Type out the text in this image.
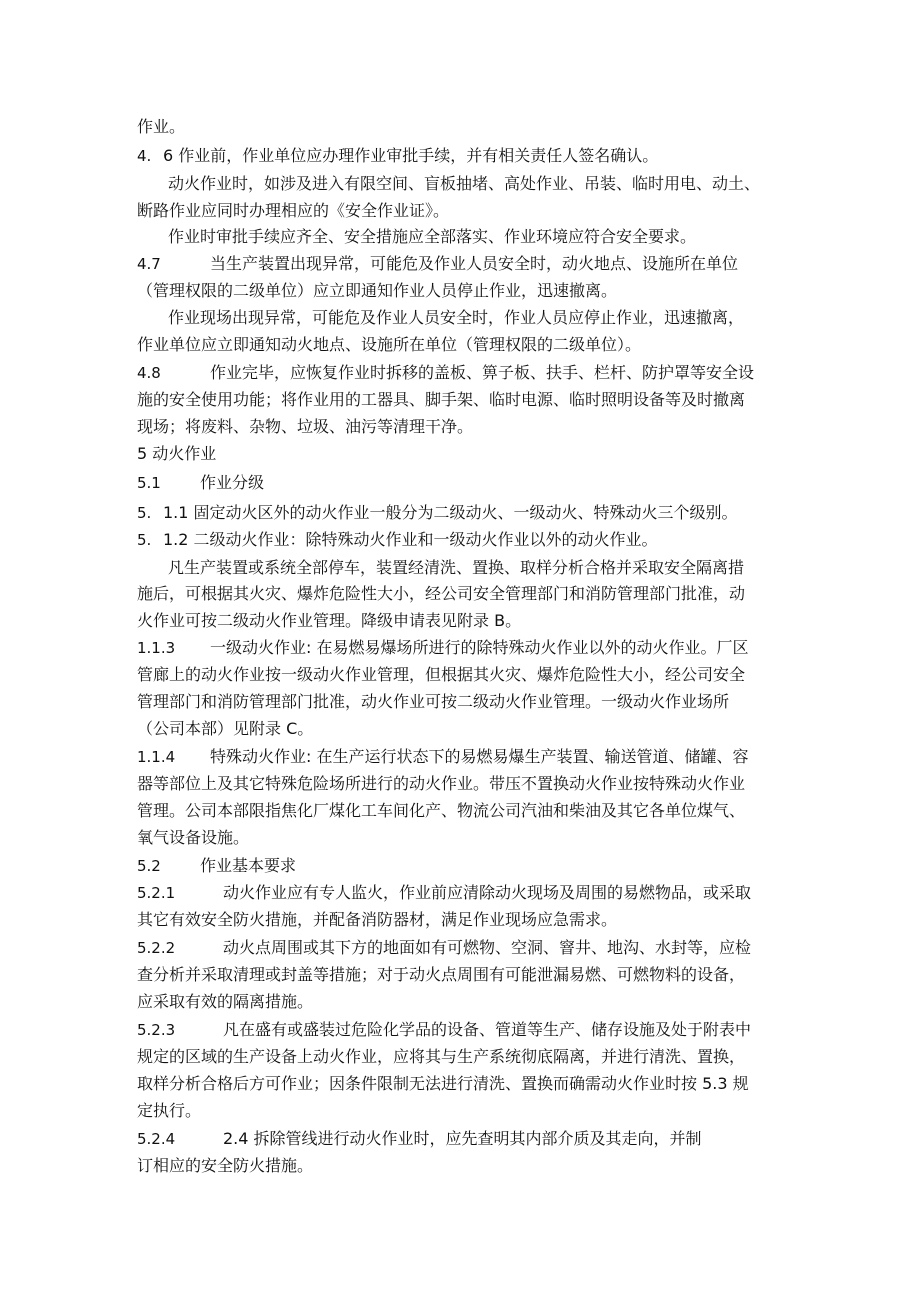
作业。
4. 6 作业前，作业单位应办理作业审批手续，并有相关责任人签名确认。
动火作业时，如涉及进入有限空间、盲板抽堵、高处作业、吊装、临时用电、动土、
断路作业应同时办理相应的《安全作业证》。
作业时审批手续应齐全、安全措施应全部落实、作业环境应符合安全要求。
4.7	当生产装置出现异常，可能危及作业人员安全时，动火地点、设施所在单位
（管理权限的二级单位）应立即通知作业人员停止作业，迅速撤离。
作业现场出现异常，可能危及作业人员安全时，作业人员应停止作业，迅速撤离，
作业单位应立即通知动火地点、设施所在单位（管理权限的二级单位）。
4.8	作业完毕，应恢复作业时拆移的盖板、箅子板、扶手、栏杆、防护罩等安全设
施的安全使用功能；将作业用的工器具、脚手架、临时电源、临时照明设备等及时撤离
现场；将废料、杂物、垃圾、油污等清理干净。
5 动火作业
5.1 作业分级
5. 1.1 固定动火区外的动火作业一般分为二级动火、一级动火、特殊动火三个级别。
5. 1.2 二级动火作业：除特殊动火作业和一级动火作业以外的动火作业。
凡生产装置或系统全部停车，装置经清洗、置换、取样分析合格并采取安全隔离措
施后，可根据其火灾、爆炸危险性大小，经公司安全管理部门和消防管理部门批准，动
火作业可按二级动火作业管理。降级申请表见附录 B。
1.1.3 一级动火作业: 在易燃易爆场所进行的除特殊动火作业以外的动火作业。厂区
管廊上的动火作业按一级动火作业管理，但根据其火灾、爆炸危险性大小，经公司安全
管理部门和消防管理部门批准，动火作业可按二级动火作业管理。一级动火作业场所
（公司本部）见附录 C。
1.1.4 特殊动火作业: 在生产运行状态下的易燃易爆生产装置、输送管道、储罐、容
器等部位上及其它特殊危险场所进行的动火作业。带压不置换动火作业按特殊动火作业
管理。公司本部限指焦化厂煤化工车间化产、物流公司汽油和柴油及其它各单位煤气、
氧气设备设施。
5.2 作业基本要求
5.2.1	动火作业应有专人监火，作业前应清除动火现场及周围的易燃物品，或采取
其它有效安全防火措施，并配备消防器材，满足作业现场应急需求。
5.2.2	动火点周围或其下方的地面如有可燃物、空洞、窨井、地沟、水封等，应检
查分析并采取清理或封盖等措施；对于动火点周围有可能泄漏易燃、可燃物料的设备，
应采取有效的隔离措施。
5.2.3	凡在盛有或盛装过危险化学品的设备、管道等生产、储存设施及处于附表中
规定的区域的生产设备上动火作业，应将其与生产系统彻底隔离，并进行清洗、置换，
取样分析合格后方可作业；因条件限制无法进行清洗、置换而确需动火作业时按 5.3 规
定执行。
5.2.4	2.4 拆除管线进行动火作业时，应先查明其内部介质及其走向，并制
订相应的安全防火措施。
